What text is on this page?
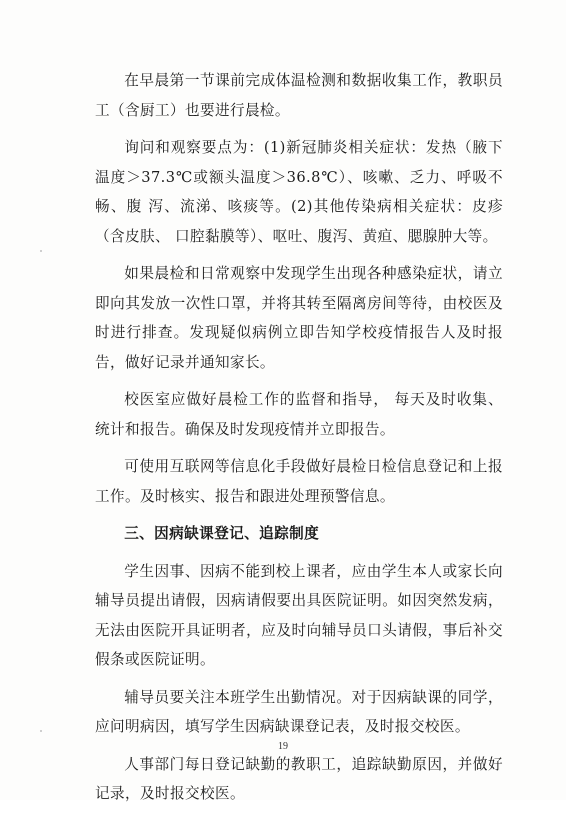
在早晨第一节课前完成体温检测和数据收集工作，教职员工（含厨工）也要进行晨检。

询问和观察要点为：(1)新冠肺炎相关症状：发热（腋下温度＞37.3℃或额头温度＞36.8℃）、咳嗽、乏力、呼吸不畅、腹 泻、流涕、咳痰等。(2)其他传染病相关症状：皮疹（含皮肤、 口腔黏膜等）、呕吐、腹泻、黄疸、腮腺肿大等。

如果晨检和日常观察中发现学生出现各种感染症状，请立即向其发放一次性口罩，并将其转至隔离房间等待，由校医及时进行排查。发现疑似病例立即告知学校疫情报告人及时报告，做好记录并通知家长。

校医室应做好晨检工作的监督和指导， 每天及时收集、统计和报告。确保及时发现疫情并立即报告。

可使用互联网等信息化手段做好晨检日检信息登记和上报工作。及时核实、报告和跟进处理预警信息。

三、因病缺课登记、追踪制度

学生因事、因病不能到校上课者，应由学生本人或家长向辅导员提出请假，因病请假要出具医院证明。如因突然发病，无法由医院开具证明者，应及时向辅导员口头请假，事后补交假条或医院证明。

辅导员要关注本班学生出勤情况。对于因病缺课的同学，应问明病因，填写学生因病缺课登记表，及时报交校医。

人事部门每日登记缺勤的教职工，追踪缺勤原因，并做好记录，及时报交校医。

19
